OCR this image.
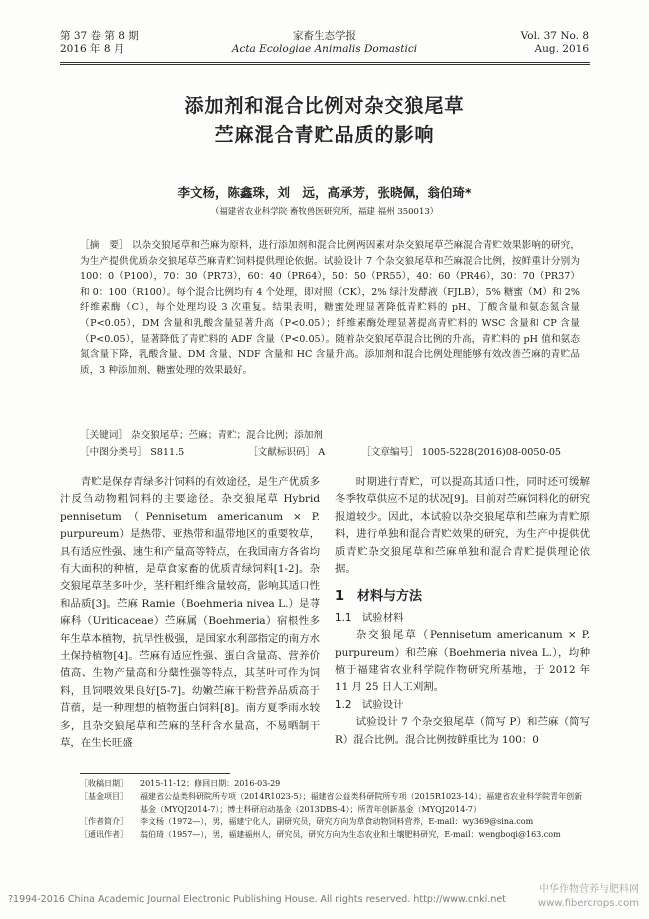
第 37 卷 第 8 期
2016 年 8 月
家畜生态学报
Acta Ecologiae Animalis Domastici
Vol. 37 No. 8
Aug. 2016
添加剂和混合比例对杂交狼尾草
苎麻混合青贮品质的影响
李文杨，陈鑫珠，刘　远，高承芳，张晓佩，翁伯琦*
（福建省农业科学院 畜牧兽医研究所，福建 福州 350013）
［摘　要］ 以杂交狼尾草和苎麻为原料，进行添加剂和混合比例两因素对杂交狼尾草苎麻混合青贮效果影响的研究，为生产提供优质杂交狼尾草苎麻青贮饲料提供理论依据。试验设计 7 个杂交狼尾草和苎麻混合比例，按鲜重计分别为 100：0（P100），70：30（PR73），60：40（PR64），50：50（PR55），40：60（PR46），30：70（PR37）和 0：100（R100）。每个混合比例均有 4 个处理，即对照（CK），2% 绿汁发酵液（FJLB），5% 糖蜜（M）和 2% 纤维素酶（C），每个处理均设 3 次重复。结果表明，糖蜜处理显著降低青贮料的 pH、丁酸含量和氨态氮含量（P<0.05），DM 含量和乳酸含量显著升高（P<0.05）；纤维素酶处理显著提高青贮料的 WSC 含量和 CP 含量（P<0.05），显著降低了青贮料的 ADF 含量（P<0.05）。随着杂交狼尾草混合比例的升高，青贮料的 pH 值和氨态氮含量下降，乳酸含量、DM 含量、NDF 含量和 HC 含量升高。添加剂和混合比例处理能够有效改善苎麻的青贮品质，3 种添加剂、糖蜜处理的效果最好。
［关键词］ 杂交狼尾草；苎麻；青贮；混合比例；添加剂
［中图分类号］ S811.5	［文献标识码］ A	［文章编号］ 1005-5228(2016)08-0050-05

青贮是保存青绿多汁饲料的有效途径，是生产优质多汁反刍动物粗饲料的主要途径。杂交狼尾草 Hybrid pennisetum（Pennisetum americanum × P. purpureum）是热带、亚热带和温带地区的重要牧草，具有适应性强、速生和产量高等特点，在我国南方各省均有大面积的种植，是草食家畜的优质青绿饲料[1-2]。杂交狼尾草茎多叶少，茎秆粗纤维含量较高，影响其适口性和品质[3]。苎麻 Ramie（Boehmeria nivea L.）是荨麻科（Uriticaceae）苎麻属（Boehmeria）宿根性多年生草本植物，抗旱性极强，是国家水利部指定的南方水土保持植物[4]。苎麻有适应性强、蛋白含量高、营养价值高、生物产量高和分蘖性强等特点，其茎叶可作为饲料，且饲喂效果良好[5-7]。幼嫩苎麻干粉营养品质高于苜蓿，是一种理想的植物蛋白饲料[8]。南方夏季雨水较多，且杂交狼尾草和苎麻的茎秆含水量高，不易晒制干草，在生长旺盛

时期进行青贮，可以提高其适口性，同时还可缓解冬季牧草供应不足的状况[9]。目前对苎麻饲料化的研究报道较少。因此，本试验以杂交狼尾草和苎麻为青贮原料，进行单独和混合青贮效果的研究，为生产中提供优质青贮杂交狼尾草和苎麻单独和混合青贮提供理论依据。

1　材料与方法
1.1　试验材料

杂交狼尾草（Pennisetum americanum × P. purpureum）和苎麻（Boehmeria nivea L.），均种植于福建省农业科学院作物研究所基地，于 2012 年 11 月 25 日人工刈割。

1.2　试验设计

试验设计 7 个杂交狼尾草（简写 P）和苎麻（简写 R）混合比例。混合比例按鲜重比为 100：0

［收稿日期］	2015-11-12；修回日期：2016-03-29
［基金项目］	福建省公益类科研院所专项（2014R1023-5）；福建省公益类科研院所专项（2015R1023-14）；福建省农业科学院青年创新基金（MYQJ2014-7）；博士科研启动基金（2013DBS-4）；所青年创新基金（MYQJ2014-7）
［作者简介］	李文杨（1972—），男，福建宁化人，副研究员，研究方向为草食动物饲料营养，E-mail：wy369@sina.com
［通讯作者］	翁伯琦（1957—），男，福建福州人，研究员，研究方向为生态农业和土壤肥料研究，E-mail：wengboqi@163.com
?1994-2016 China Academic Journal Electronic Publishing House. All rights reserved. http://www.cnki.net
中华作物营养与肥料网
www.fibercrops.com
